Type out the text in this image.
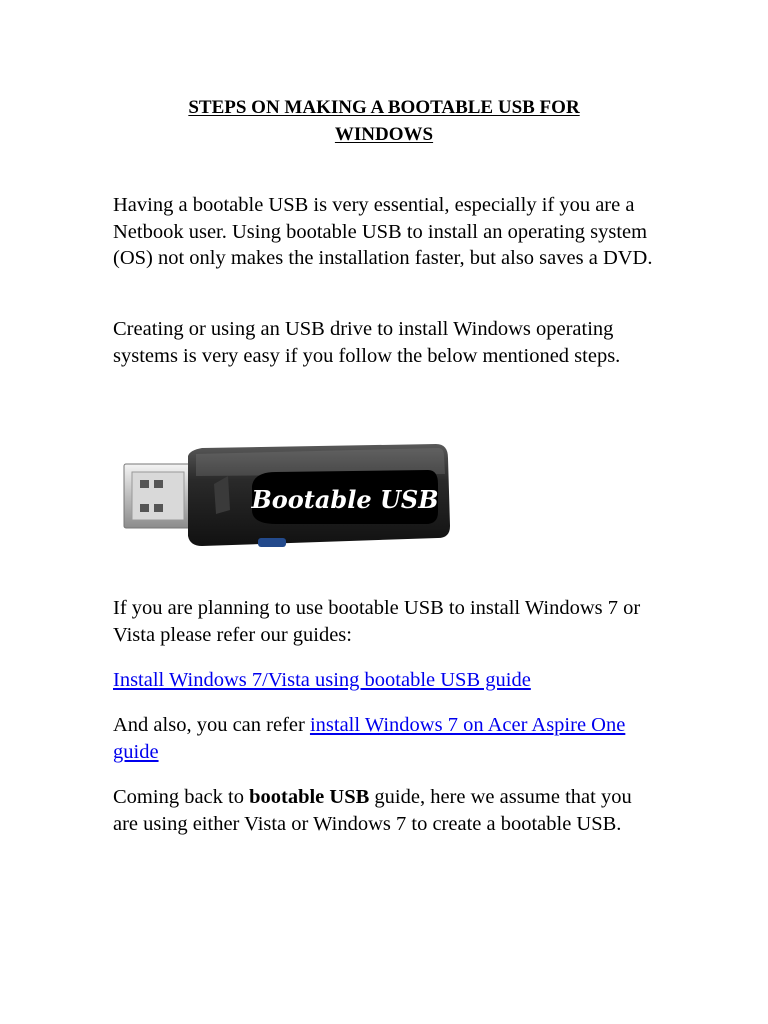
STEPS ON MAKING A BOOTABLE USB FOR
WINDOWS

Having a bootable USB is very essential, especially if you are a Netbook user. Using bootable USB to install an operating system (OS) not only makes the installation faster, but also saves a DVD.

Creating or using an USB drive to install Windows operating systems is very easy if you follow the below mentioned steps.

Bootable USB

If you are planning to use bootable USB to install Windows 7 or Vista please refer our guides:

Install Windows 7/Vista using bootable USB guide

And also, you can refer install Windows 7 on Acer Aspire One guide

Coming back to bootable USB guide, here we assume that you are using either Vista or Windows 7 to create a bootable USB.
